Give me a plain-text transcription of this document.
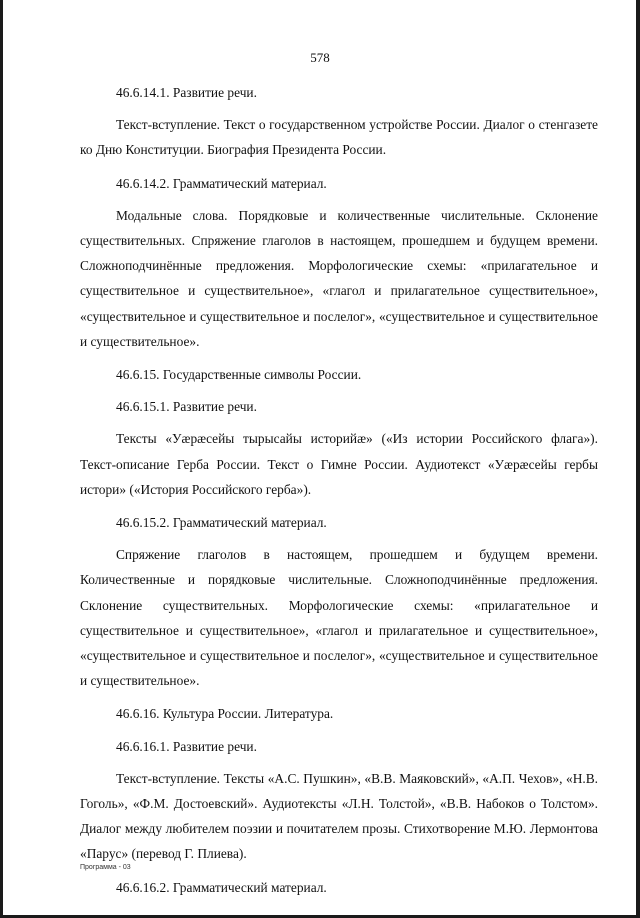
578

46.6.14.1. Развитие речи.

Текст-вступление. Текст о государственном устройстве России. Диалог о стенгазете ко Дню Конституции. Биография Президента России.

46.6.14.2. Грамматический материал.

Модальные слова. Порядковые и количественные числительные. Склонение существительных. Спряжение глаголов в настоящем, прошедшем и будущем времени. Сложноподчинённые предложения. Морфологические схемы: «прилагательное и существительное и существительное», «глагол и прилагательное существительное», «существительное и существительное и послелог», «существительное и существительное и существительное».

46.6.15. Государственные символы России.

46.6.15.1. Развитие речи.

Тексты «Уæрæсейы тырысайы историйæ» («Из истории Российского флага»). Текст-описание Герба России. Текст о Гимне России. Аудиотекст «Уæрæсейы гербы истори» («История Российского герба»).

46.6.15.2. Грамматический материал.

Спряжение глаголов в настоящем, прошедшем и будущем времени. Количественные и порядковые числительные. Сложноподчинённые предложения. Склонение существительных. Морфологические схемы: «прилагательное и существительное и существительное», «глагол и прилагательное и существительное», «существительное и существительное и послелог», «существительное и существительное и существительное».

46.6.16. Культура России. Литература.

46.6.16.1. Развитие речи.

Текст-вступление. Тексты «А.С. Пушкин», «В.В. Маяковский», «А.П. Чехов», «Н.В. Гоголь», «Ф.М. Достоевский». Аудиотексты «Л.Н. Толстой», «В.В. Набоков о Толстом». Диалог между любителем поэзии и почитателем прозы. Стихотворение М.Ю. Лермонтова «Парус» (перевод Г. Плиева).

46.6.16.2. Грамматический материал.

Программа - 03
